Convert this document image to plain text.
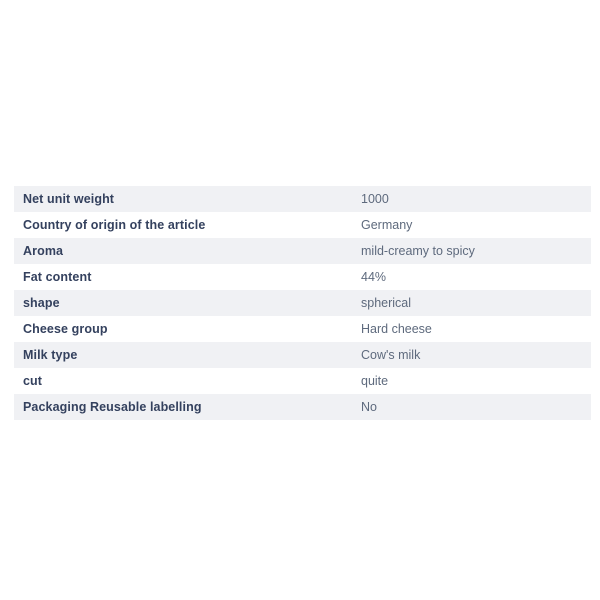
Net unit weight	1000
Country of origin of the article	Germany
Aroma	mild-creamy to spicy
Fat content	44%
shape	spherical
Cheese group	Hard cheese
Milk type	Cow's milk
cut	quite
Packaging Reusable labelling	No
